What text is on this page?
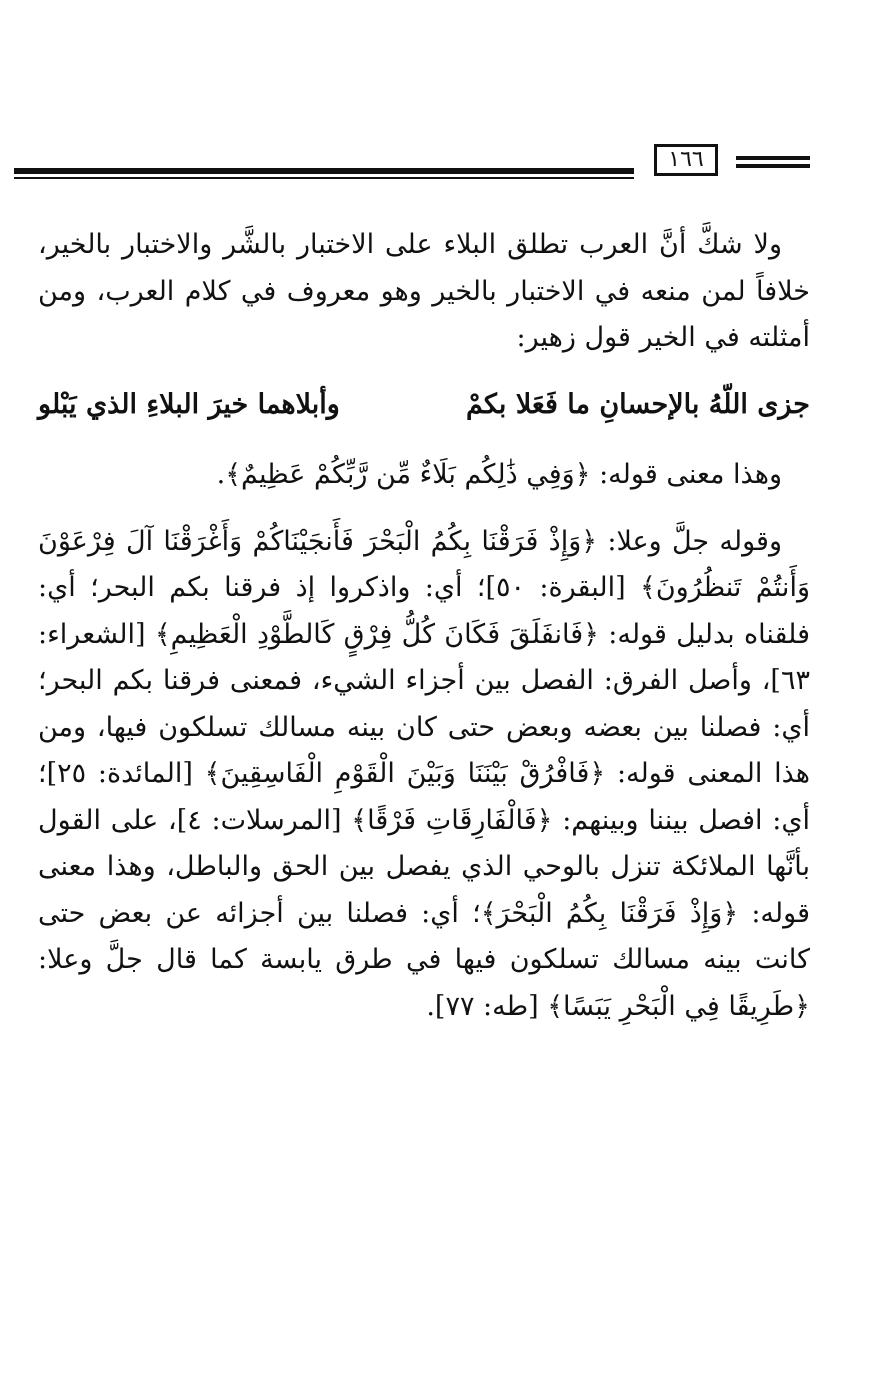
١٦٦

ولا شكَّ أنَّ العرب تطلق البلاء على الاختبار بالشَّر والاختبار بالخير، خلافاً لمن منعه في الاختبار بالخير وهو معروف في كلام العرب، ومن أمثلته في الخير قول زهير:

جزى اللّهُ بالإحسانِ ما فَعَلا بكمْ
وأبلاهما خيرَ البلاءِ الذي يَبْلو

وهذا معنى قوله: ﴿وَفِي ذَٰلِكُم بَلَاءٌ مِّن رَّبِّكُمْ عَظِيمٌ﴾.

وقوله جلَّ وعلا: ﴿وَإِذْ فَرَقْنَا بِكُمُ الْبَحْرَ فَأَنجَيْنَاكُمْ وَأَغْرَقْنَا آلَ فِرْعَوْنَ وَأَنتُمْ تَنظُرُونَ﴾ [البقرة: ٥٠]؛ أي: واذكروا إذ فرقنا بكم البحر؛ أي: فلقناه بدليل قوله: ﴿فَانفَلَقَ فَكَانَ كُلُّ فِرْقٍ كَالطَّوْدِ الْعَظِيمِ﴾ [الشعراء: ٦٣]، وأصل الفرق: الفصل بين أجزاء الشيء، فمعنى فرقنا بكم البحر؛ أي: فصلنا بين بعضه وبعض حتى كان بينه مسالك تسلكون فيها، ومن هذا المعنى قوله: ﴿فَافْرُقْ بَيْنَنَا وَبَيْنَ الْقَوْمِ الْفَاسِقِينَ﴾ [المائدة: ٢٥]؛ أي: افصل بيننا وبينهم: ﴿فَالْفَارِقَاتِ فَرْقًا﴾ [المرسلات: ٤]، على القول بأنَّها الملائكة تنزل بالوحي الذي يفصل بين الحق والباطل، وهذا معنى قوله: ﴿وَإِذْ فَرَقْنَا بِكُمُ الْبَحْرَ﴾؛ أي: فصلنا بين أجزائه عن بعض حتى كانت بينه مسالك تسلكون فيها في طرق يابسة كما قال جلَّ وعلا: ﴿طَرِيقًا فِي الْبَحْرِ يَبَسًا﴾ [طه: ٧٧].
